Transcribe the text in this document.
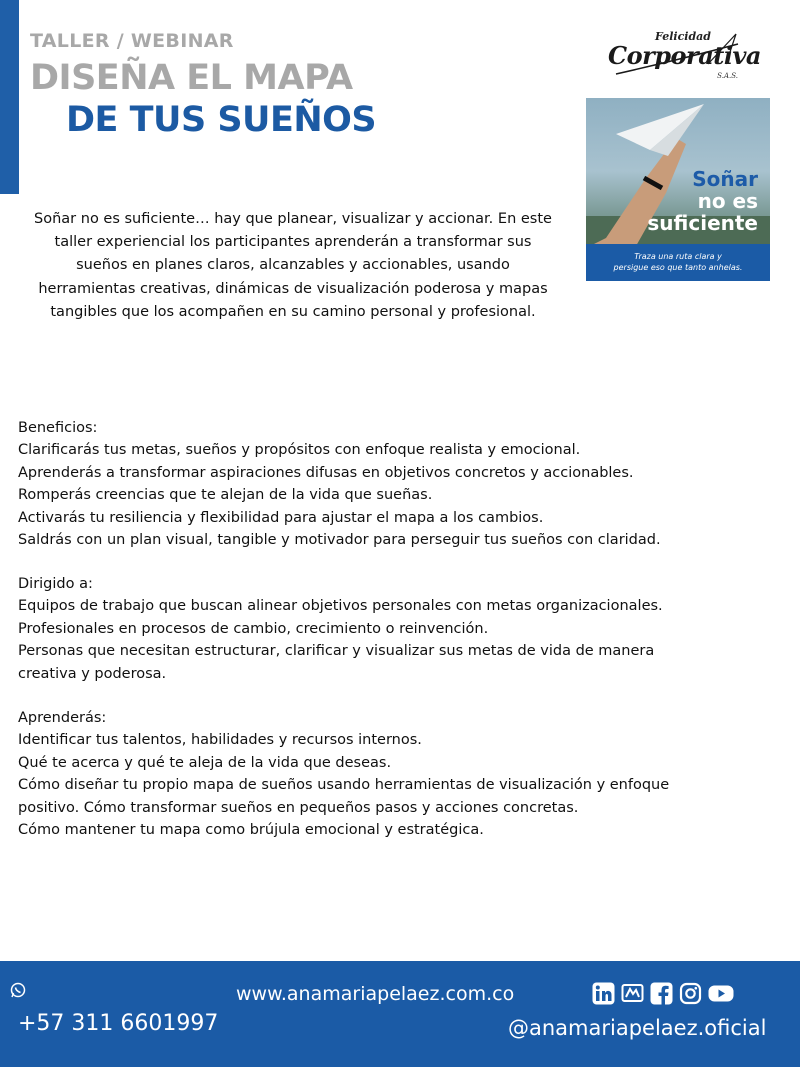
TALLER / WEBINAR
DISEÑA EL MAPA
DE TUS SUEÑOS
Felicidad
Corporativa
S.A.S.
Soñar
no es
suficiente
Traza una ruta clara y
persigue eso que tanto anhelas.
Soñar no es suficiente… hay que planear, visualizar y accionar. En este taller experiencial los participantes aprenderán a transformar sus sueños en planes claros, alcanzables y accionables, usando herramientas creativas, dinámicas de visualización poderosa y mapas tangibles que los acompañen en su camino personal y profesional.

Beneficios:

Clarificarás tus metas, sueños y propósitos con enfoque realista y emocional.

Aprenderás a transformar aspiraciones difusas en objetivos concretos y accionables.

Romperás creencias que te alejan de la vida que sueñas.

Activarás tu resiliencia y flexibilidad para ajustar el mapa a los cambios.

Saldrás con un plan visual, tangible y motivador para perseguir tus sueños con claridad.

Dirigido a:

Equipos de trabajo que buscan alinear objetivos personales con metas organizacionales.

Profesionales en procesos de cambio, crecimiento o reinvención.

Personas que necesitan estructurar, clarificar y visualizar sus metas de vida de manera

creativa y poderosa.

Aprenderás:

Identificar tus talentos, habilidades y recursos internos.

Qué te acerca y qué te aleja de la vida que deseas.

Cómo diseñar tu propio mapa de sueños usando herramientas de visualización y enfoque

positivo. Cómo transformar sueños en pequeños pasos y acciones concretas.

Cómo mantener tu mapa como brújula emocional y estratégica.

+57 311 6601997
www.anamariapelaez.com.co
@anamariapelaez.oficial
